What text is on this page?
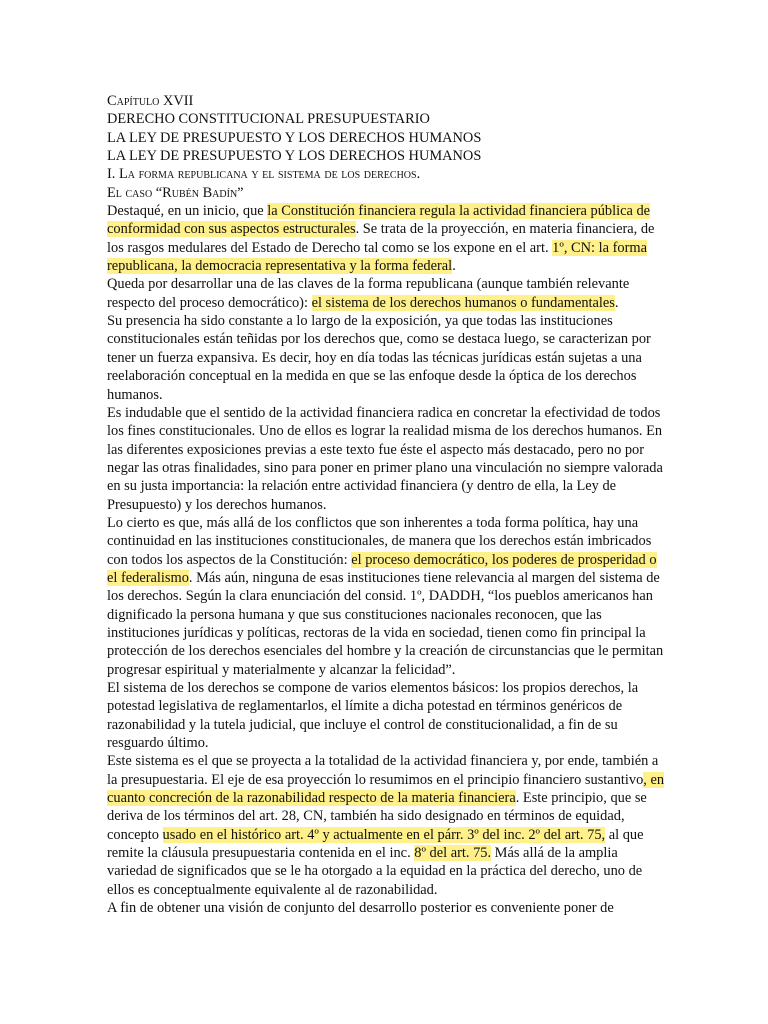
Capítulo XVII

DERECHO CONSTITUCIONAL PRESUPUESTARIO

LA LEY DE PRESUPUESTO Y LOS DERECHOS HUMANOS

LA LEY DE PRESUPUESTO Y LOS DERECHOS HUMANOS

I. La forma republicana y el sistema de los derechos.

El caso “Rubén Badín”

Destaqué, en un inicio, que la Constitución financiera regula la actividad financiera pública de conformidad con sus aspectos estructurales. Se trata de la proyección, en materia financiera, de los rasgos medulares del Estado de Derecho tal como se los expone en el art. 1º, CN: la forma republicana, la democracia representativa y la forma federal.

Queda por desarrollar una de las claves de la forma republicana (aunque también relevante respecto del proceso democrático): el sistema de los derechos humanos o fundamentales.

Su presencia ha sido constante a lo largo de la exposición, ya que todas las instituciones constitucionales están teñidas por los derechos que, como se destaca luego, se caracterizan por tener un fuerza expansiva. Es decir, hoy en día todas las técnicas jurídicas están sujetas a una reelaboración conceptual en la medida en que se las enfoque desde la óptica de los derechos humanos.

Es indudable que el sentido de la actividad financiera radica en concretar la efectividad de todos los fines constitucionales. Uno de ellos es lograr la realidad misma de los derechos humanos. En las diferentes exposiciones previas a este texto fue éste el aspecto más destacado, pero no por negar las otras finalidades, sino para poner en primer plano una vinculación no siempre valorada en su justa importancia: la relación entre actividad financiera (y dentro de ella, la Ley de Presupuesto) y los derechos humanos.

Lo cierto es que, más allá de los conflictos que son inherentes a toda forma política, hay una continuidad en las instituciones constitucionales, de manera que los derechos están imbricados con todos los aspectos de la Constitución: el proceso democrático, los poderes de prosperidad o el federalismo. Más aún, ninguna de esas instituciones tiene relevancia al margen del sistema de los derechos. Según la clara enunciación del consid. 1º, DADDH, “los pueblos americanos han dignificado la persona humana y que sus constituciones nacionales reconocen, que las instituciones jurídicas y políticas, rectoras de la vida en sociedad, tienen como fin principal la protección de los derechos esenciales del hombre y la creación de circunstancias que le permitan progresar espiritual y materialmente y alcanzar la felicidad”.

El sistema de los derechos se compone de varios elementos básicos: los propios derechos, la potestad legislativa de reglamentarlos, el límite a dicha potestad en términos genéricos de razonabilidad y la tutela judicial, que incluye el control de constitucionalidad, a fin de su resguardo último.

Este sistema es el que se proyecta a la totalidad de la actividad financiera y, por ende, también a la presupuestaria. El eje de esa proyección lo resumimos en el principio financiero sustantivo, en cuanto concreción de la razonabilidad respecto de la materia financiera. Este principio, que se deriva de los términos del art. 28, CN, también ha sido designado en términos de equidad, concepto usado en el histórico art. 4º y actualmente en el párr. 3º del inc. 2º del art. 75, al que remite la cláusula presupuestaria contenida en el inc. 8º del art. 75. Más allá de la amplia variedad de significados que se le ha otorgado a la equidad en la práctica del derecho, uno de ellos es conceptualmente equivalente al de razonabilidad.

A fin de obtener una visión de conjunto del desarrollo posterior es conveniente poner de
